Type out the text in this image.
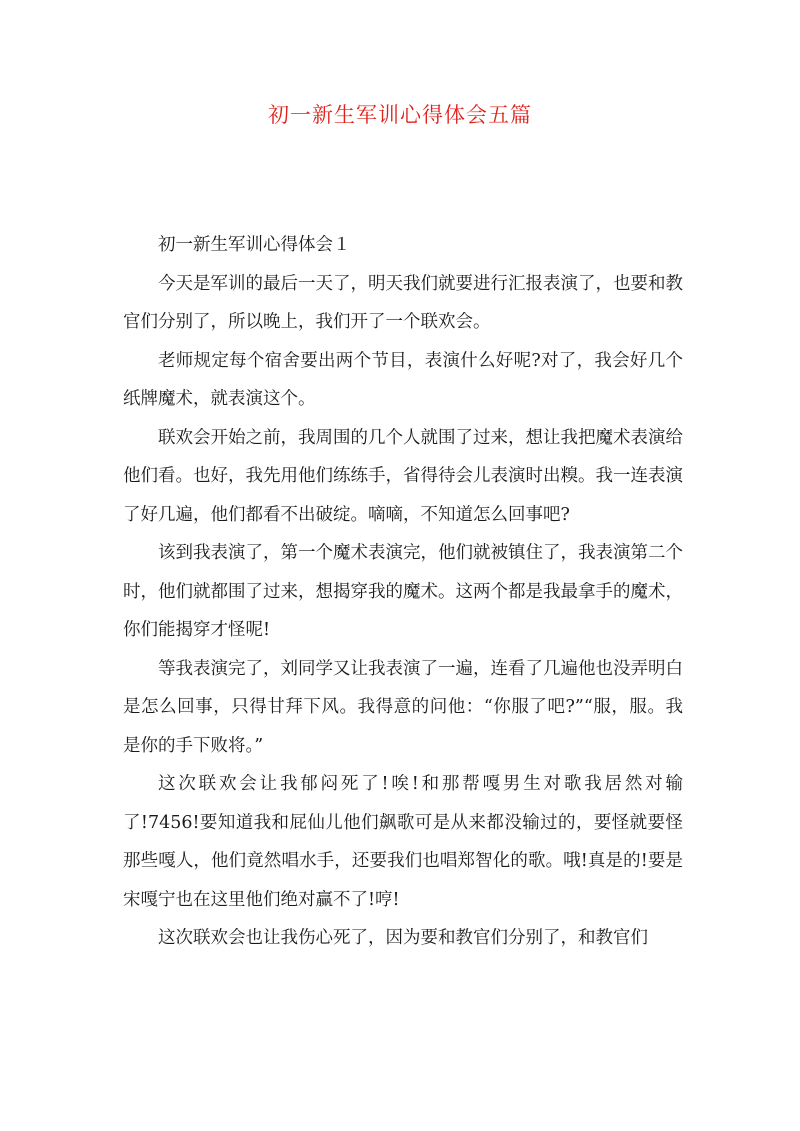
初一新生军训心得体会五篇
初一新生军训心得体会１

今天是军训的最后一天了，明天我们就要进行汇报表演了，也要和教官们分别了，所以晚上，我们开了一个联欢会。

老师规定每个宿舍要出两个节目，表演什么好呢?对了，我会好几个纸牌魔术，就表演这个。

联欢会开始之前，我周围的几个人就围了过来，想让我把魔术表演给他们看。也好，我先用他们练练手，省得待会儿表演时出糗。我一连表演了好几遍，他们都看不出破绽。嘀嘀，不知道怎么回事吧?

该到我表演了，第一个魔术表演完，他们就被镇住了，我表演第二个时，他们就都围了过来，想揭穿我的魔术。这两个都是我最拿手的魔术，你们能揭穿才怪呢!

等我表演完了，刘同学又让我表演了一遍，连看了几遍他也没弄明白是怎么回事，只得甘拜下风。我得意的问他：“你服了吧?”“服，服。我是你的手下败将。”

这次联欢会让我郁闷死了!唉!和那帮嘎男生对歌我居然对输了!7456!要知道我和屁仙儿他们飙歌可是从来都没输过的，要怪就要怪那些嘎人，他们竟然唱水手，还要我们也唱郑智化的歌。哦!真是的!要是宋嘎宁也在这里他们绝对赢不了!哼!

这次联欢会也让我伤心死了，因为要和教官们分别了，和教官们
